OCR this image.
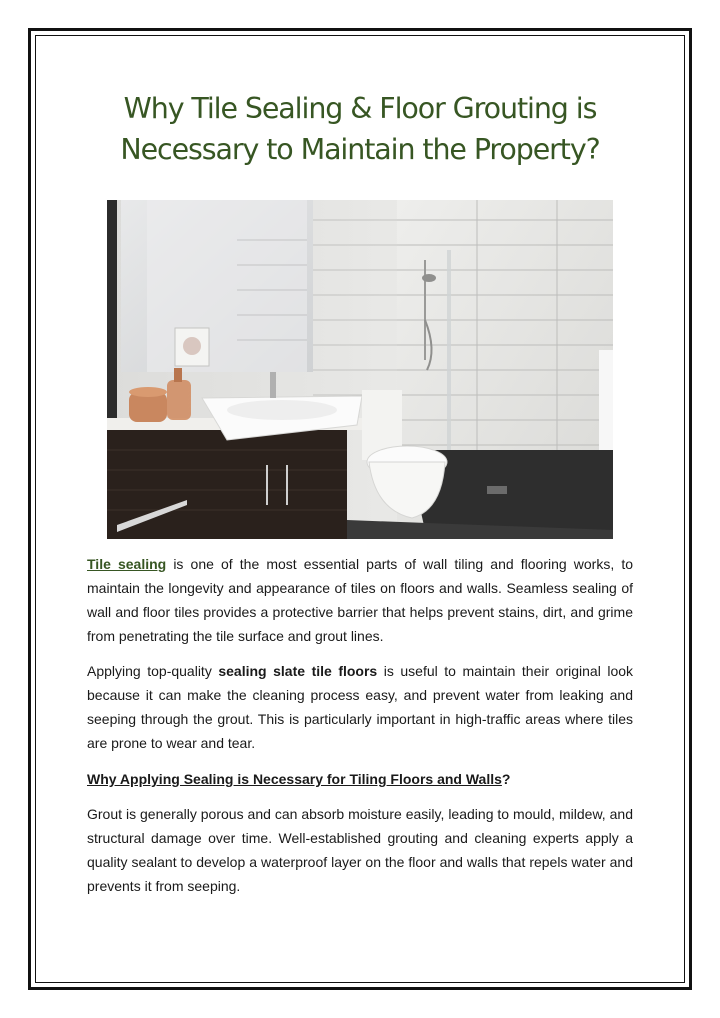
Why Tile Sealing & Floor Grouting is
Necessary to Maintain the Property?

Tile sealing is one of the most essential parts of wall tiling and flooring works, to maintain the longevity and appearance of tiles on floors and walls. Seamless sealing of wall and floor tiles provides a protective barrier that helps prevent stains, dirt, and grime from penetrating the tile surface and grout lines.

Applying top-quality sealing slate tile floors is useful to maintain their original look because it can make the cleaning process easy, and prevent water from leaking and seeping through the grout. This is particularly important in high-traffic areas where tiles are prone to wear and tear.

Why Applying Sealing is Necessary for Tiling Floors and Walls?

Grout is generally porous and can absorb moisture easily, leading to mould, mildew, and structural damage over time. Well-established grouting and cleaning experts apply a quality sealant to develop a waterproof layer on the floor and walls that repels water and prevents it from seeping.
